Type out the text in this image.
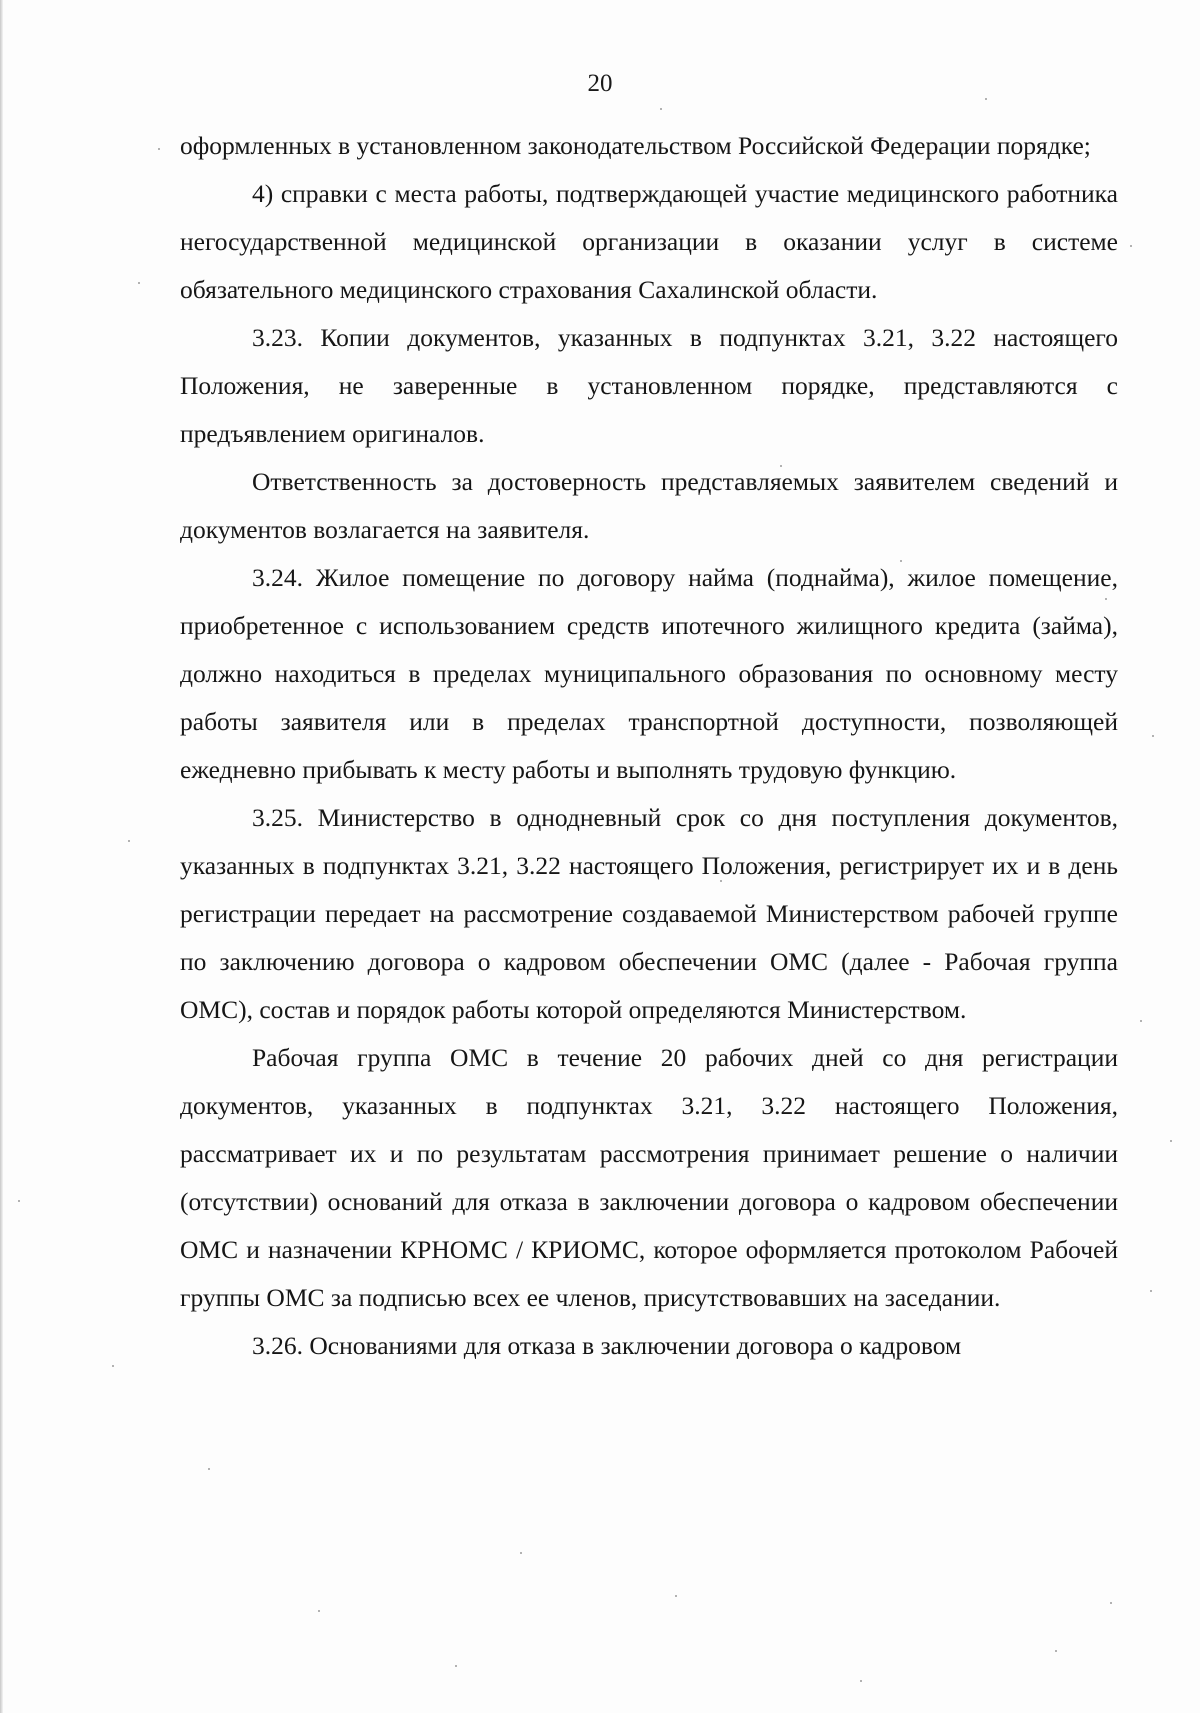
20

оформленных в установленном законодательством Российской Федерации порядке;

4) справки с места работы, подтверждающей участие медицинского работника негосударственной медицинской организации в оказании услуг в системе обязательного медицинского страхования Сахалинской области.

3.23. Копии документов, указанных в подпунктах 3.21, 3.22 настоящего Положения, не заверенные в установленном порядке, представляются с предъявлением оригиналов.

Ответственность за достоверность представляемых заявителем сведений и документов возлагается на заявителя.

3.24. Жилое помещение по договору найма (поднайма), жилое помещение, приобретенное с использованием средств ипотечного жилищного кредита (займа), должно находиться в пределах муниципального образования по основному месту работы заявителя или в пределах транспортной доступности, позволяющей ежедневно прибывать к месту работы и выполнять трудовую функцию.

3.25. Министерство в однодневный срок со дня поступления документов, указанных в подпунктах 3.21, 3.22 настоящего Положения, регистрирует их и в день регистрации передает на рассмотрение создаваемой Министерством рабочей группе по заключению договора о кадровом обеспечении ОМС (далее - Рабочая группа ОМС), состав и порядок работы которой определяются Министерством.

Рабочая группа ОМС в течение 20 рабочих дней со дня регистрации документов, указанных в подпунктах 3.21, 3.22 настоящего Положения, рассматривает их и по результатам рассмотрения принимает решение о наличии (отсутствии) оснований для отказа в заключении договора о кадровом обеспечении ОМС и назначении КРНОМС / КРИОМС, которое оформляется протоколом Рабочей группы ОМС за подписью всех ее членов, присутствовавших на заседании.

3.26. Основаниями для отказа в заключении договора о кадровом
